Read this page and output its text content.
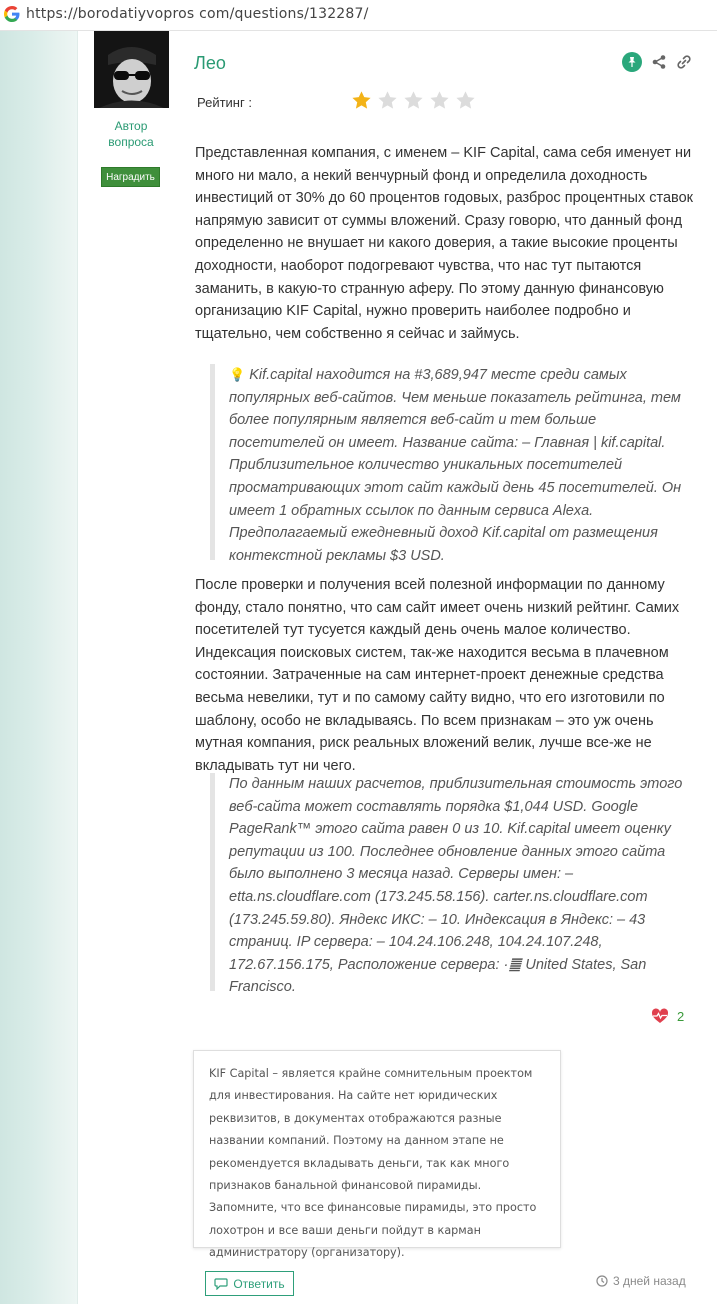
https://borodatiyvopros com/questions/132287/
Автор вопроса
Наградить
Лео
Рейтинг :

Представленная компания, с именем – KIF Capital, сама себя именует ни много ни мало, а некий венчурный фонд и определила доходность инвестиций от 30% до 60 процентов годовых, разброс процентных ставок напрямую зависит от суммы вложений. Сразу говорю, что данный фонд определенно не внушает ни какого доверия, а такие высокие проценты доходности, наоборот подогревают чувства, что нас тут пытаются заманить, в какую-то странную аферу. По этому данную финансовую организацию KIF Capital, нужно проверить наиболее подробно и тщательно, чем собственно я сейчас и займусь.

💡 Kif.capital находится на #3,689,947 месте среди самых популярных веб-сайтов. Чем меньше показатель рейтинга, тем более популярным является веб-сайт и тем больше посетителей он имеет. Название сайта: – Главная | kif.capital. Приблизительное количество уникальных посетителей просматривающих этот сайт каждый день 45 посетителей. Он имеет 1 обратных ссылок по данным сервиса Alexa. Предполагаемый ежедневный доход Kif.capital от размещения контекстной рекламы $3 USD.

После проверки и получения всей полезной информации по данному фонду, стало понятно, что сам сайт имеет очень низкий рейтинг. Самих посетителей тут тусуется каждый день очень малое количество. Индексация поисковых систем, так-же находится весьма в плачевном состоянии. Затраченные на сам интернет-проект денежные средства весьма невелики, тут и по самому сайту видно, что его изготовили по шаблону, особо не вкладываясь. По всем признакам – это уж очень мутная компания, риск реальных вложений велик, лучше все-же не вкладывать тут ни чего.

По данным наших расчетов, приблизительная стоимость этого веб-сайта может составлять порядка $1,044 USD. Google PageRank™ этого сайта равен 0 из 10. Kif.capital имеет оценку репутации из 100. Последнее обновление данных этого сайта было выполнено 3 месяца назад. Серверы имен: – etta.ns.cloudflare.com (173.245.58.156). carter.ns.cloudflare.com (173.245.59.80). Яндекс ИКС: – 10. Индексация в Яндекс: – 43 страниц. IP сервера: – 104.24.106.248, 104.24.107.248, 172.67.156.175, Расположение сервера: ·䷀ United States, San Francisco.
2
KIF Capital – является крайне сомнительным проектом для инвестирования. На сайте нет юридических реквизитов, в документах отображаются разные названии компаний. Поэтому на данном этапе не рекомендуется вкладывать деньги, так как много признаков банальной финансовой пирамиды. Запомните, что все финансовые пирамиды, это просто лохотрон и все ваши деньги пойдут в карман администратору (организатору).
Ответить	3 дней назад
